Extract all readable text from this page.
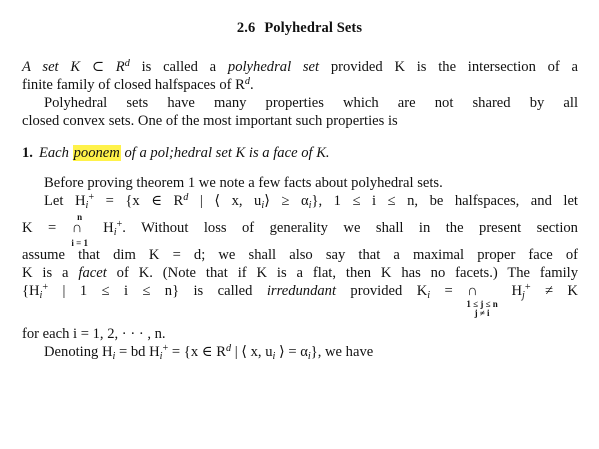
2.6 Polyhedral Sets
A set K ⊂ $R^d$ is called a polyhedral set provided K is the intersection of a
finite family of closed halfspaces of $R^d$.
Polyhedral sets have many properties which are not shared by all
closed convex sets. One of the most important such properties is
1. Each poonem of a pol;hedral set K is a face of K.
Before proving theorem 1 we note a few facts about polyhedral sets.
Let $H_i^+ = \{x$ ∈ $R^d$ | ⟨ x, $u_i⟩ \ge \alpha_i$}, 1 ≤ i ≤ n, be halfspaces, and let
K =
n
∩
i = 1
$H_i^+$. Without loss of generality we shall in the present section
assume that dim K = d; we shall also say that a maximal proper face of
K is a facet of K. (Note that if K is a flat, then K has no facets.) The family
{$H_i^+$ | 1 ≤ i ≤ n} is called irredundant provided $K_i$ = ∩
1 ≤ j ≤ n
j ≠ i
$H_j^+ \ne K$
for each i = 1, 2, · · · , n.
Denoting $H_i$ = bd $H_i^+ = \{x$ ∈ $R^d$ | ⟨ x, $u_i$ ⟩ = $\alpha_i$}, we have
